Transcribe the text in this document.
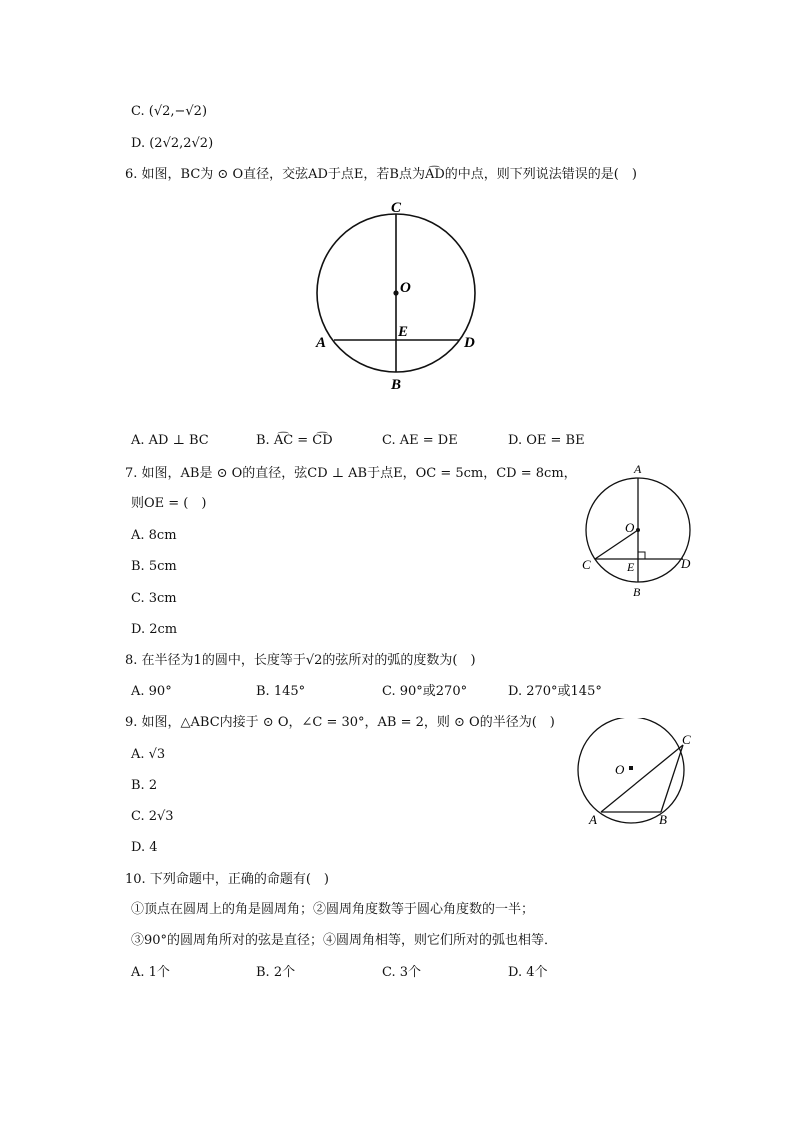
C. (√2,−√2)
D. (2√2,2√2)
6. 如图，BC为 ⊙ O直径，交弦AD于点E，若B点为A͡D的中点，则下列说法错误的是(　)
C
O
E
A	D
B
A. AD ⊥ BC	B. A͡C = C͡D	C. AE = DE	D. OE = BE
7. 如图，AB是 ⊙ O的直径，弦CD ⊥ AB于点E，OC = 5cm，CD = 8cm，
则OE = (　)
A
O
C	E	D
B
A. 8cm
B. 5cm
C. 3cm
D. 2cm
8. 在半径为1的圆中，长度等于√2的弦所对的弧的度数为(　)
A. 90°	B. 145°	C. 90°或270°	D. 270°或145°
9. 如图，△ABC内接于 ⊙ O，∠C = 30°，AB = 2，则 ⊙ O的半径为(　)
O
C
A	B
A. √3
B. 2
C. 2√3
D. 4
10. 下列命题中，正确的命题有(　)
①顶点在圆周上的角是圆周角；②圆周角度数等于圆心角度数的一半；
③90°的圆周角所对的弦是直径；④圆周角相等，则它们所对的弧也相等．
A. 1个	B. 2个	C. 3个	D. 4个
